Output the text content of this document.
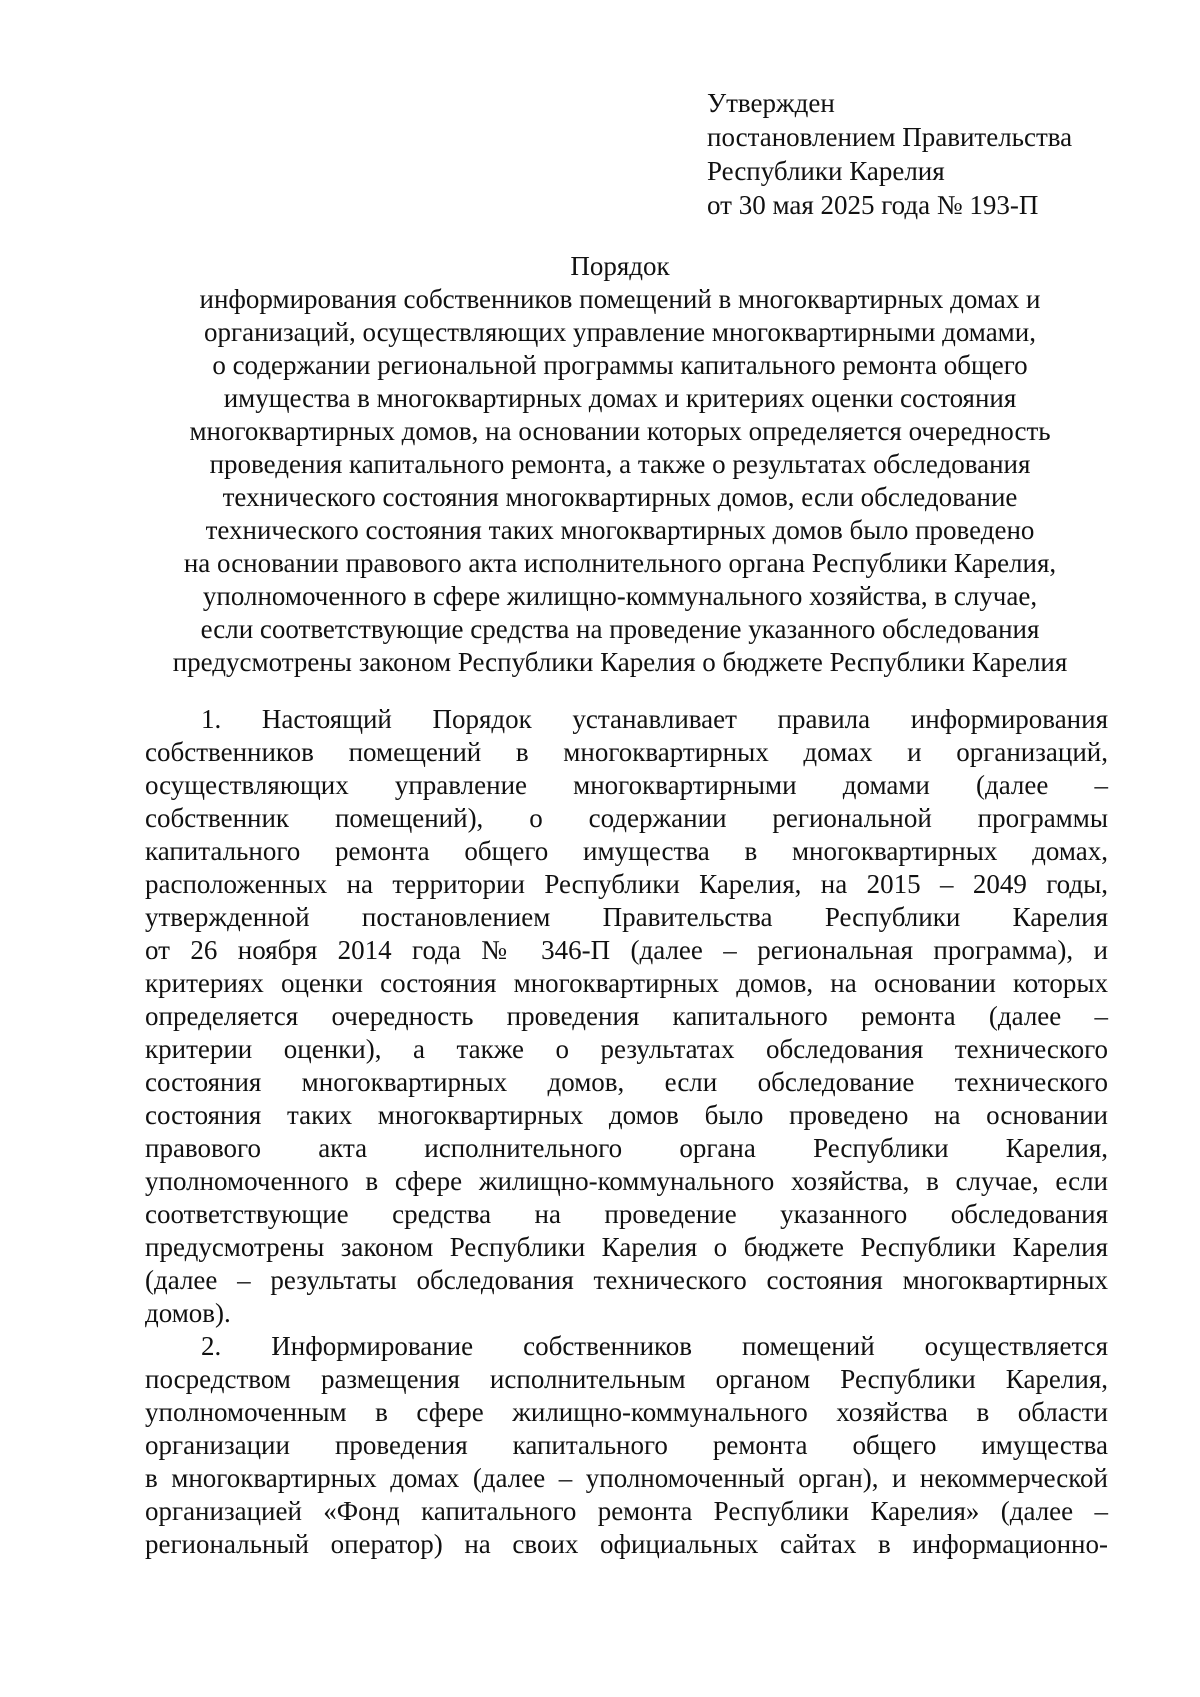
Утвержден
постановлением Правительства
Республики Карелия
от 30 мая 2025 года № 193-П
Порядок
информирования собственников помещений в многоквартирных домах и
организаций, осуществляющих управление многоквартирными домами,
о содержании региональной программы капитального ремонта общего
имущества в многоквартирных домах и критериях оценки состояния
многоквартирных домов, на основании которых определяется очередность
проведения капитального ремонта, а также о результатах обследования
технического состояния многоквартирных домов, если обследование
технического состояния таких многоквартирных домов было проведено
на основании правового акта исполнительного органа Республики Карелия,
уполномоченного в сфере жилищно-коммунального хозяйства, в случае,
если соответствующие средства на проведение указанного обследования
предусмотрены законом Республики Карелия о бюджете Республики Карелия
1. Настоящий Порядок устанавливает правила информирования
собственников помещений в многоквартирных домах и организаций,
осуществляющих управление многоквартирными домами (далее –
собственник помещений), о содержании региональной программы
капитального ремонта общего имущества в многоквартирных домах,
расположенных на территории Республики Карелия, на 2015 – 2049 годы,
утвержденной постановлением Правительства Республики Карелия
от 26 ноября 2014 года № 346-П (далее – региональная программа), и
критериях оценки состояния многоквартирных домов, на основании которых
определяется очередность проведения капитального ремонта (далее –
критерии оценки), а также о результатах обследования технического
состояния многоквартирных домов, если обследование технического
состояния таких многоквартирных домов было проведено на основании
правового акта исполнительного органа Республики Карелия,
уполномоченного в сфере жилищно-коммунального хозяйства, в случае, если
соответствующие средства на проведение указанного обследования
предусмотрены законом Республики Карелия о бюджете Республики Карелия
(далее – результаты обследования технического состояния многоквартирных
домов).
2. Информирование собственников помещений осуществляется
посредством размещения исполнительным органом Республики Карелия,
уполномоченным в сфере жилищно-коммунального хозяйства в области
организации проведения капитального ремонта общего имущества
в многоквартирных домах (далее – уполномоченный орган), и некоммерческой
организацией «Фонд капитального ремонта Республики Карелия» (далее –
региональный оператор) на своих официальных сайтах в информационно-
